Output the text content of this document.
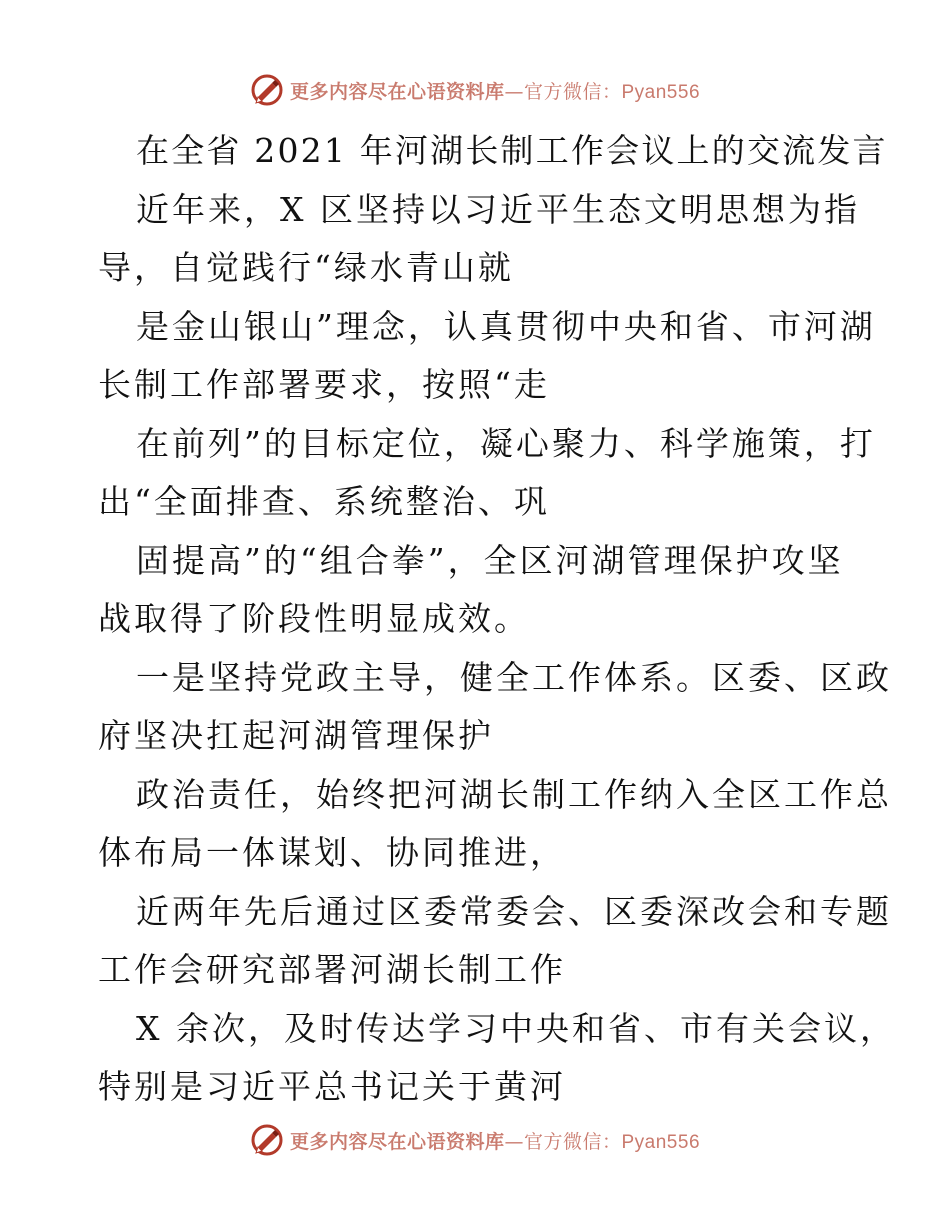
更多内容尽在心语资料库—官方微信：Pyan556
在全省 2021 年河湖长制工作会议上的交流发言
近年来，X 区坚持以习近平生态文明思想为指
导，自觉践行“绿水青山就
是金山银山”理念，认真贯彻中央和省、市河湖
长制工作部署要求，按照“走
在前列”的目标定位，凝心聚力、科学施策，打
出“全面排查、系统整治、巩
固提高”的“组合拳”，全区河湖管理保护攻坚
战取得了阶段性明显成效。
一是坚持党政主导，健全工作体系。区委、区政
府坚决扛起河湖管理保护
政治责任，始终把河湖长制工作纳入全区工作总
体布局一体谋划、协同推进，
近两年先后通过区委常委会、区委深改会和专题
工作会研究部署河湖长制工作
X 余次，及时传达学习中央和省、市有关会议，
特别是习近平总书记关于黄河
更多内容尽在心语资料库—官方微信：Pyan556
